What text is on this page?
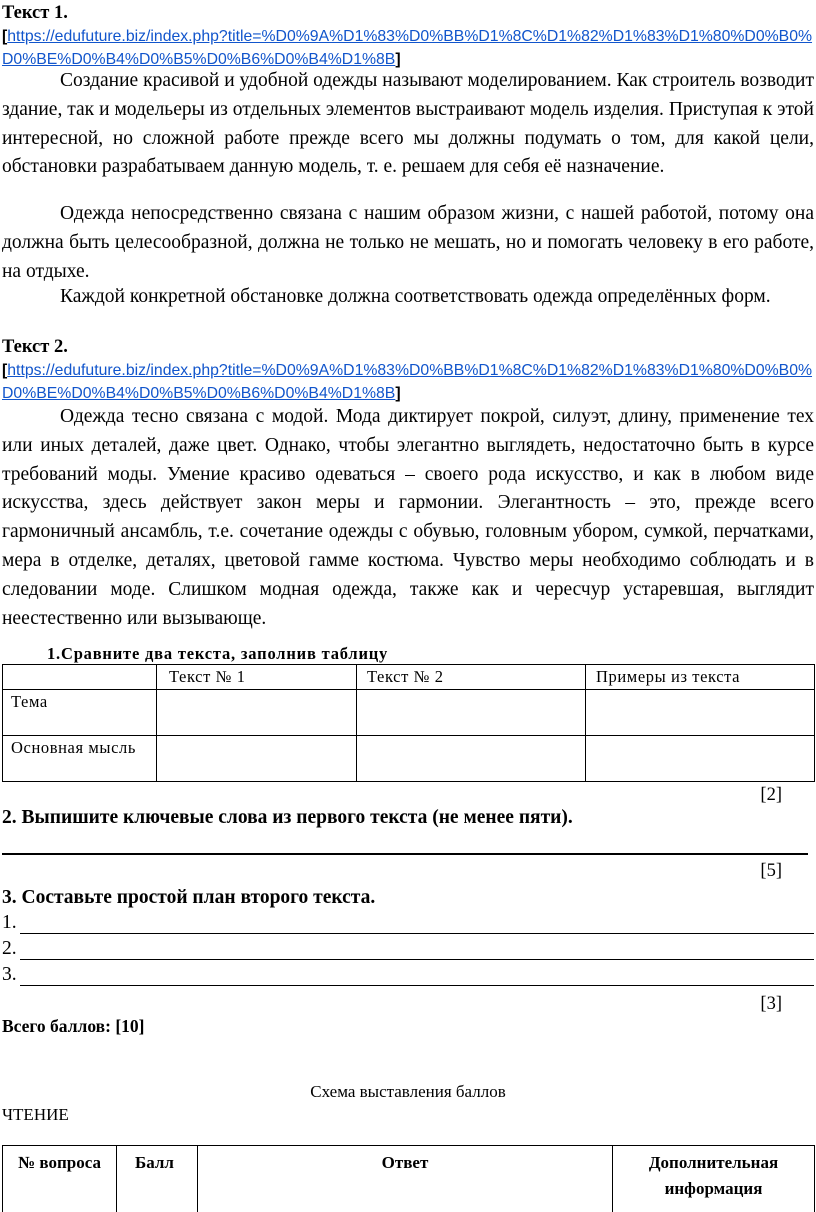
Текст 1.
[https://edufuture.biz/index.php?title=%D0%9A%D1%83%D0%BB%D1%8C%D1%82%D1%83%D1%80%D0%B0%D0%BE%D0%B4%D0%B5%D0%B6%D0%B4%D1%8B]

Создание красивой и удобной одежды называют моделированием. Как строитель возводит здание, так и модельеры из отдельных элементов выстраивают модель изделия. Приступая к этой интересной, но сложной работе прежде всего мы должны подумать о том, для какой цели, обстановки разрабатываем данную модель, т. е. решаем для себя её назначение.

Одежда непосредственно связана с нашим образом жизни, с нашей работой, потому она должна быть целесообразной, должна не только не мешать, но и помогать человеку в его работе, на отдыхе.

Каждой конкретной обстановке должна соответствовать одежда определённых форм.

Текст 2.
[https://edufuture.biz/index.php?title=%D0%9A%D1%83%D0%BB%D1%8C%D1%82%D1%83%D1%80%D0%B0%D0%BE%D0%B4%D0%B5%D0%B6%D0%B4%D1%8B]

Одежда тесно связана с модой. Мода диктирует покрой, силуэт, длину, применение тех или иных деталей, даже цвет. Однако, чтобы элегантно выглядеть, недостаточно быть в курсе требований моды. Умение красиво одеваться – своего рода искусство, и как в любом виде искусства, здесь действует закон меры и гармонии. Элегантность – это, прежде всего гармоничный ансамбль, т.е. сочетание одежды с обувью, головным убором, сумкой, перчатками, мера в отделке, деталях, цветовой гамме костюма. Чувство меры необходимо соблюдать и в следовании моде. Слишком модная одежда, также как и чересчур устаревшая, выглядит неестественно или вызывающе.

1.Сравните два текста, заполнив таблицу
	Текст № 1	Текст № 2	Примеры из текста
Тема			
Основная мысль			
[2]
2. Выпишите ключевые слова из первого текста (не менее пяти).
[5]
3. Составьте простой план второго текста.
1.
2.
3.
[3]
Всего баллов: [10]
Схема выставления баллов
ЧТЕНИЕ
№ вопроса	Балл	Ответ	Дополнительная информация
